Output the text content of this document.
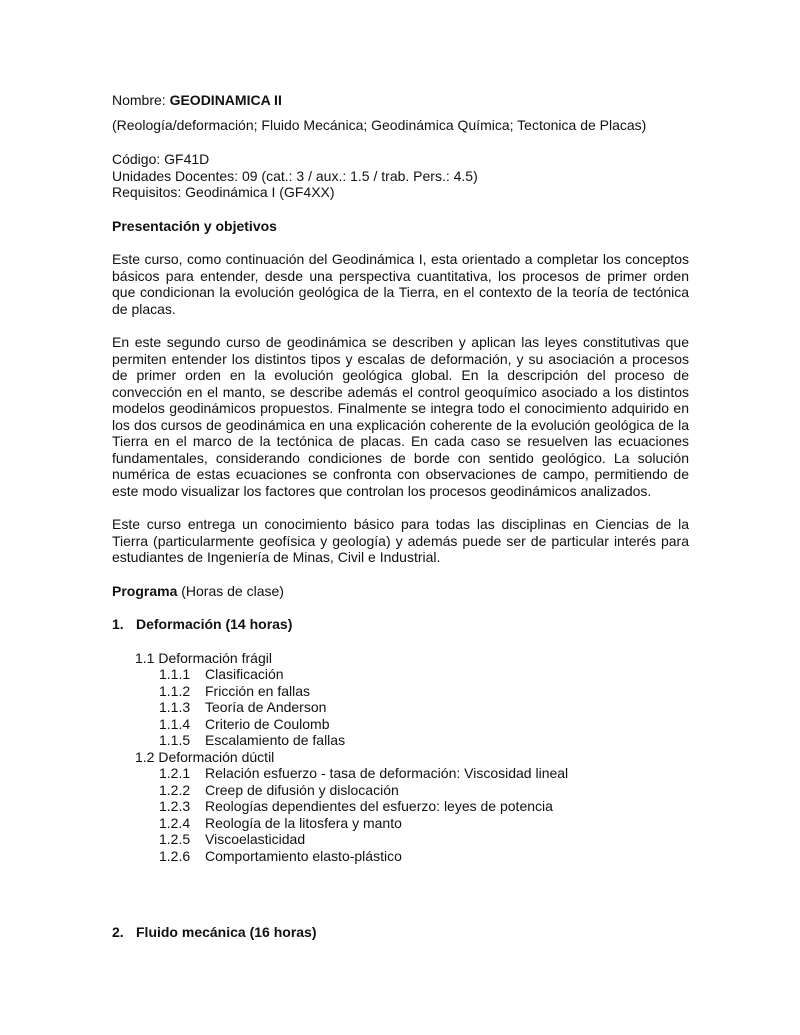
Nombre: GEODINAMICA II
(Reología/deformación; Fluido Mecánica; Geodinámica Química; Tectonica de Placas)
Código: GF41D
Unidades Docentes: 09 (cat.: 3 / aux.: 1.5 / trab. Pers.: 4.5)
Requisitos: Geodinámica I (GF4XX)
Presentación y objetivos

Este curso, como continuación del Geodinámica I, esta orientado a completar los conceptos básicos para entender, desde una perspectiva cuantitativa, los procesos de primer orden que condicionan la evolución geológica de la Tierra, en el contexto de la teoría de tectónica de placas.

En este segundo curso de geodinámica se describen y aplican las leyes constitutivas que permiten entender los distintos tipos y escalas de deformación, y su asociación a procesos de primer orden en la evolución geológica global. En la descripción del proceso de convección en el manto, se describe además el control geoquímico asociado a los distintos modelos geodinámicos propuestos. Finalmente se integra todo el conocimiento adquirido en los dos cursos de geodinámica en una explicación coherente de la evolución geológica de la Tierra en el marco de la tectónica de placas. En cada caso se resuelven las ecuaciones fundamentales, considerando condiciones de borde con sentido geológico. La solución numérica de estas ecuaciones se confronta con observaciones de campo, permitiendo de este modo visualizar los factores que controlan los procesos geodinámicos analizados.

Este curso entrega un conocimiento básico para todas las disciplinas en Ciencias de la Tierra (particularmente geofísica y geología) y además puede ser de particular interés para estudiantes de Ingeniería de Minas, Civil e Industrial.

Programa (Horas de clase)
1. Deformación (14 horas)
1.1 Deformación frágil
1.1.1	Clasificación
1.1.2	Fricción en fallas
1.1.3	Teoría de Anderson
1.1.4	Criterio de Coulomb
1.1.5	Escalamiento de fallas
1.2 Deformación dúctil
1.2.1	Relación esfuerzo - tasa de deformación: Viscosidad lineal
1.2.2	Creep de difusión y dislocación
1.2.3	Reologías dependientes del esfuerzo: leyes de potencia
1.2.4	Reología de la litosfera y manto
1.2.5	Viscoelasticidad
1.2.6	Comportamiento elasto-plástico
2. Fluido mecánica (16 horas)
